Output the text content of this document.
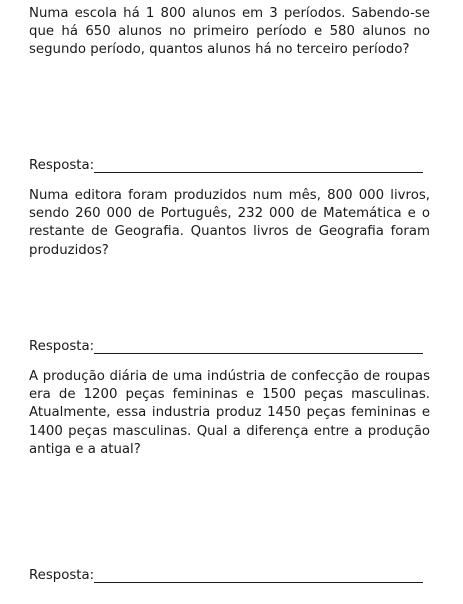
Numa escola há 1 800 alunos em 3 períodos. Sabendo-se que há 650 alunos no primeiro período e 580 alunos no segundo período, quantos alunos há no terceiro período?

Resposta:

Numa editora foram produzidos num mês, 800 000 livros, sendo 260 000 de Português, 232 000 de Matemática e o restante de Geografia. Quantos livros de Geografia foram produzidos?

Resposta:

A produção diária de uma indústria de confecção de roupas era de 1200 peças femininas e 1500 peças masculinas. Atualmente, essa industria produz 1450 peças femininas e 1400 peças masculinas. Qual a diferença entre a produção antiga e a atual?

Resposta:
